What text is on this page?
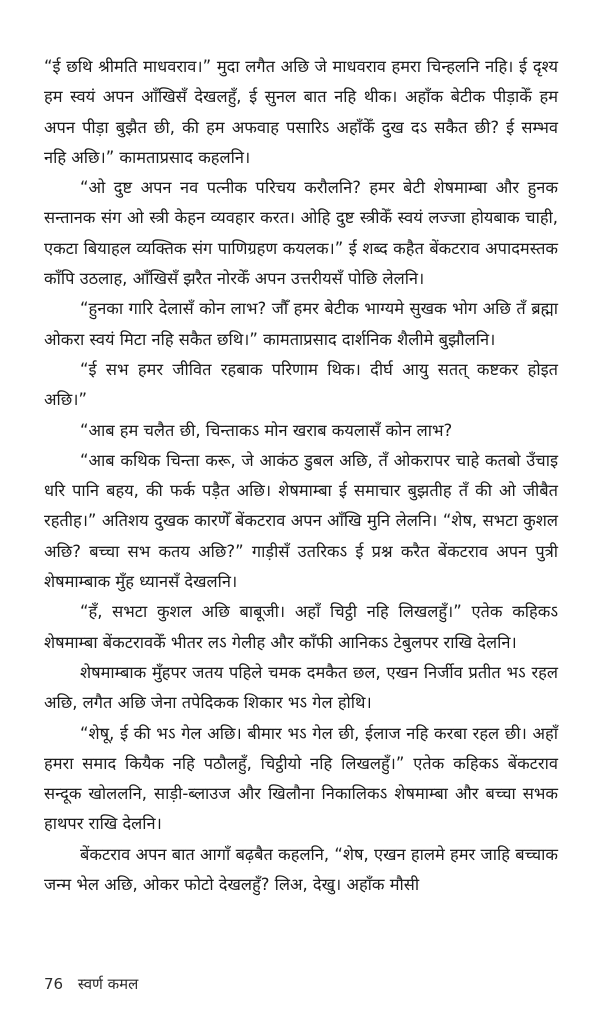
“ई छथि श्रीमति माधवराव।” मुदा लगैत अछि जे माधवराव हमरा चिन्हलनि नहि। ई दृश्य हम स्वयं अपन आँखिसँ देखलहुँ, ई सुनल बात नहि थीक। अहाँक बेटीक पीड़ाकेँ हम अपन पीड़ा बुझैत छी, की हम अफवाह पसारिऽ अहाँकेँ दुख दऽ सकैत छी? ई सम्भव नहि अछि।” कामताप्रसाद कहलनि।

“ओ दुष्ट अपन नव पत्नीक परिचय करौलनि? हमर बेटी शेषमाम्बा और हुनक सन्तानक संग ओ स्त्री केहन व्यवहार करत। ओहि दुष्ट स्त्रीकेँ स्वयं लज्जा होयबाक चाही, एकटा बियाहल व्यक्तिक संग पाणिग्रहण कयलक।” ई शब्द कहैत बेंकटराव अपादमस्तक काँपि उठलाह, आँखिसँ झरैत नोरकेँ अपन उत्तरीयसँ पोछि लेलनि।

“हुनका गारि देलासँ कोन लाभ? जौँ हमर बेटीक भाग्यमे सुखक भोग अछि तँ ब्रह्मा ओकरा स्वयं मिटा नहि सकैत छथि।” कामताप्रसाद दार्शनिक शैलीमे बुझौलनि।

“ई सभ हमर जीवित रहबाक परिणाम थिक। दीर्घ आयु सतत् कष्टकर होइत अछि।”

“आब हम चलैत छी, चिन्ताकऽ मोन खराब कयलासँ कोन लाभ?

“आब कथिक चिन्ता करू, जे आकंठ डुबल अछि, तँ ओकरापर चाहे कतबो उँचाइ धरि पानि बहय, की फर्क पड़ैत अछि। शेषमाम्बा ई समाचार बुझतीह तँ की ओ जीबैत रहतीह।” अतिशय दुखक कारणेँ बेंकटराव अपन आँखि मुनि लेलनि। “शेष, सभटा कुशल अछि? बच्चा सभ कतय अछि?” गाड़ीसँ उतरिकऽ ई प्रश्न करैत बेंकटराव अपन पुत्री शेषमाम्बाक मुँह ध्यानसँ देखलनि।

“हँ, सभटा कुशल अछि बाबूजी। अहाँ चिट्ठी नहि लिखलहुँ।” एतेक कहिकऽ शेषमाम्बा बेंकटरावकेँ भीतर लऽ गेलीह और काँफी आनिकऽ टेबुलपर राखि देलनि।

शेषमाम्बाक मुँहपर जतय पहिले चमक दमकैत छल, एखन निर्जीव प्रतीत भऽ रहल अछि, लगैत अछि जेना तपेदिकक शिकार भऽ गेल होथि।

“शेषू, ई की भऽ गेल अछि। बीमार भऽ गेल छी, ईलाज नहि करबा रहल छी। अहाँ हमरा समाद कियैक नहि पठौलहुँ, चिट्ठीयो नहि लिखलहुँ।” एतेक कहिकऽ बेंकटराव सन्दूक खोललनि, साड़ी-ब्लाउज और खिलौना निकालिकऽ शेषमाम्बा और बच्चा सभक हाथपर राखि देलनि।

बेंकटराव अपन बात आगाँ बढ़बैत कहलनि, “शेष, एखन हालमे हमर जाहि बच्चाक जन्म भेल अछि, ओकर फोटो देखलहुँ? लिअ, देखु। अहाँक मौसी

76 स्वर्ण कमल
